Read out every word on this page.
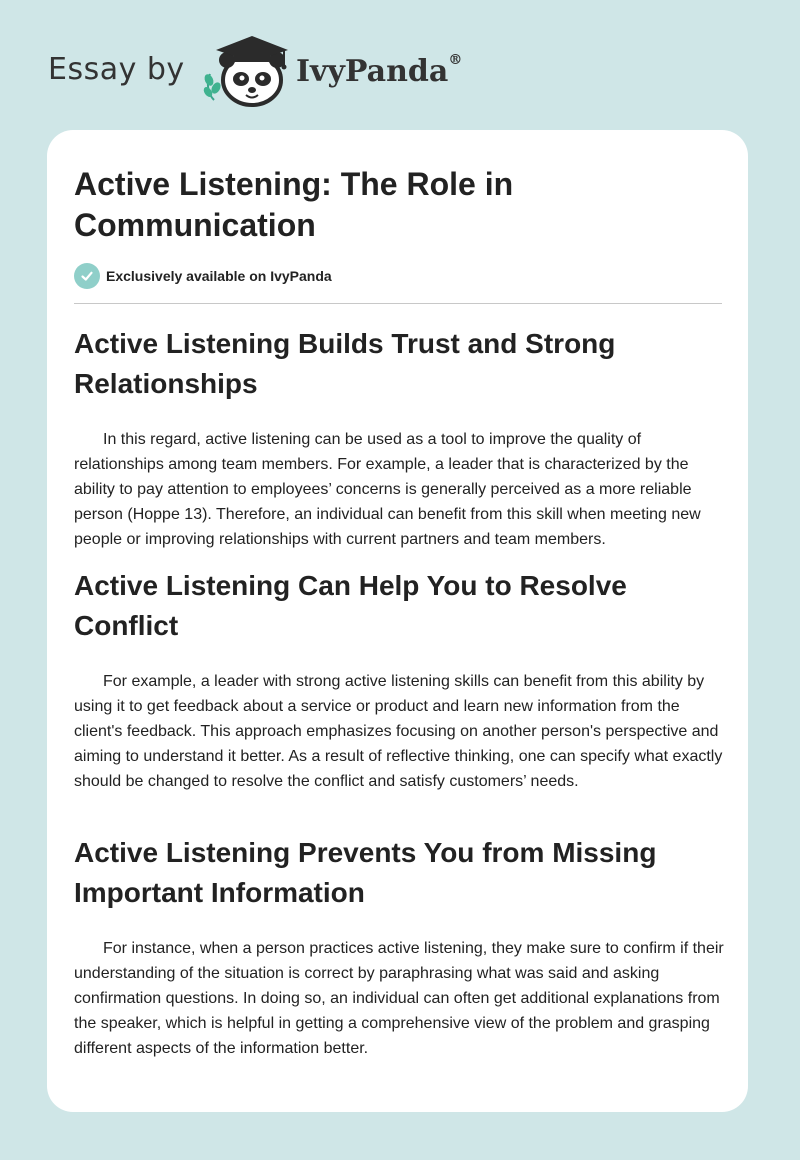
Essay by	IvyPanda®
Active Listening: The Role in Communication
Exclusively available on IvyPanda
Active Listening Builds Trust and Strong Relationships

In this regard, active listening can be used as a tool to improve the quality of relationships among team members. For example, a leader that is characterized by the ability to pay attention to employees’ concerns is generally perceived as a more reliable person (Hoppe 13). Therefore, an individual can benefit from this skill when meeting new people or improving relationships with current partners and team members.

Active Listening Can Help You to Resolve Conflict

For example, a leader with strong active listening skills can benefit from this ability by using it to get feedback about a service or product and learn new information from the client's feedback. This approach emphasizes focusing on another person's perspective and aiming to understand it better. As a result of reflective thinking, one can specify what exactly should be changed to resolve the conflict and satisfy customers’ needs.

Active Listening Prevents You from Missing Important Information

For instance, when a person practices active listening, they make sure to confirm if their understanding of the situation is correct by paraphrasing what was said and asking confirmation questions. In doing so, an individual can often get additional explanations from the speaker, which is helpful in getting a comprehensive view of the problem and grasping different aspects of the information better.
